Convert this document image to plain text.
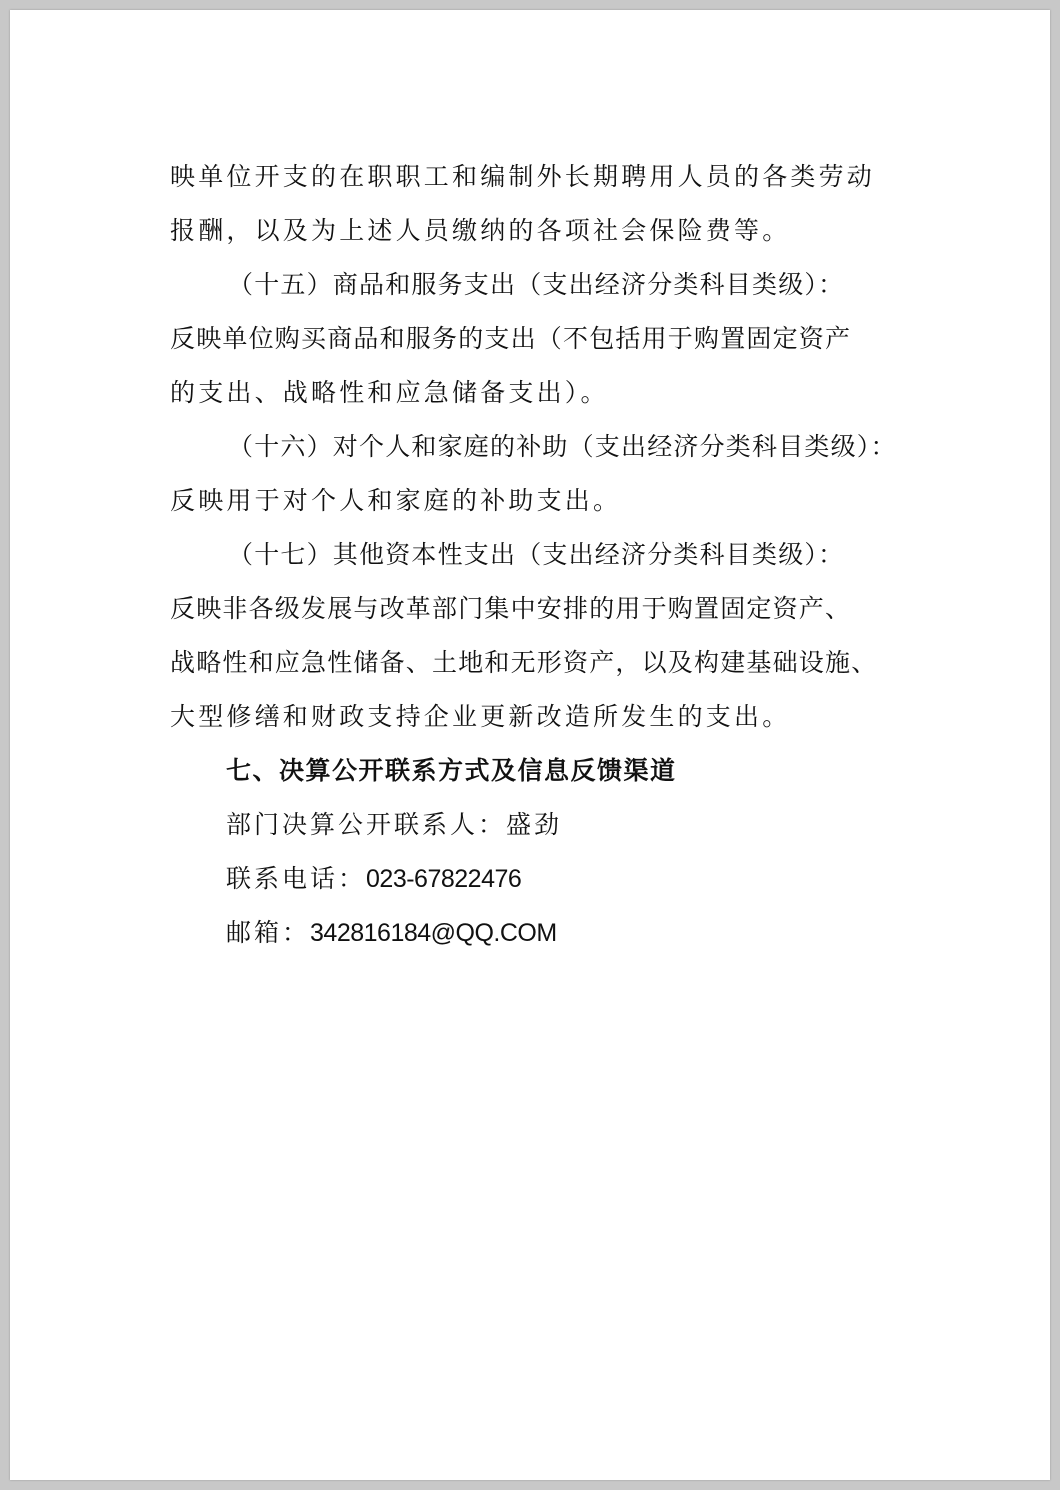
映单位开支的在职职工和编制外长期聘用人员的各类劳动
报酬，以及为上述人员缴纳的各项社会保险费等。
（十五）商品和服务支出（支出经济分类科目类级）：
反映单位购买商品和服务的支出（不包括用于购置固定资产
的支出、战略性和应急储备支出）。
（十六）对个人和家庭的补助（支出经济分类科目类级）：
反映用于对个人和家庭的补助支出。
（十七）其他资本性支出（支出经济分类科目类级）：
反映非各级发展与改革部门集中安排的用于购置固定资产、
战略性和应急性储备、土地和无形资产，以及构建基础设施、
大型修缮和财政支持企业更新改造所发生的支出。
七、决算公开联系方式及信息反馈渠道
部门决算公开联系人：盛劲
联系电话：023-67822476
邮箱：342816184@QQ.COM
